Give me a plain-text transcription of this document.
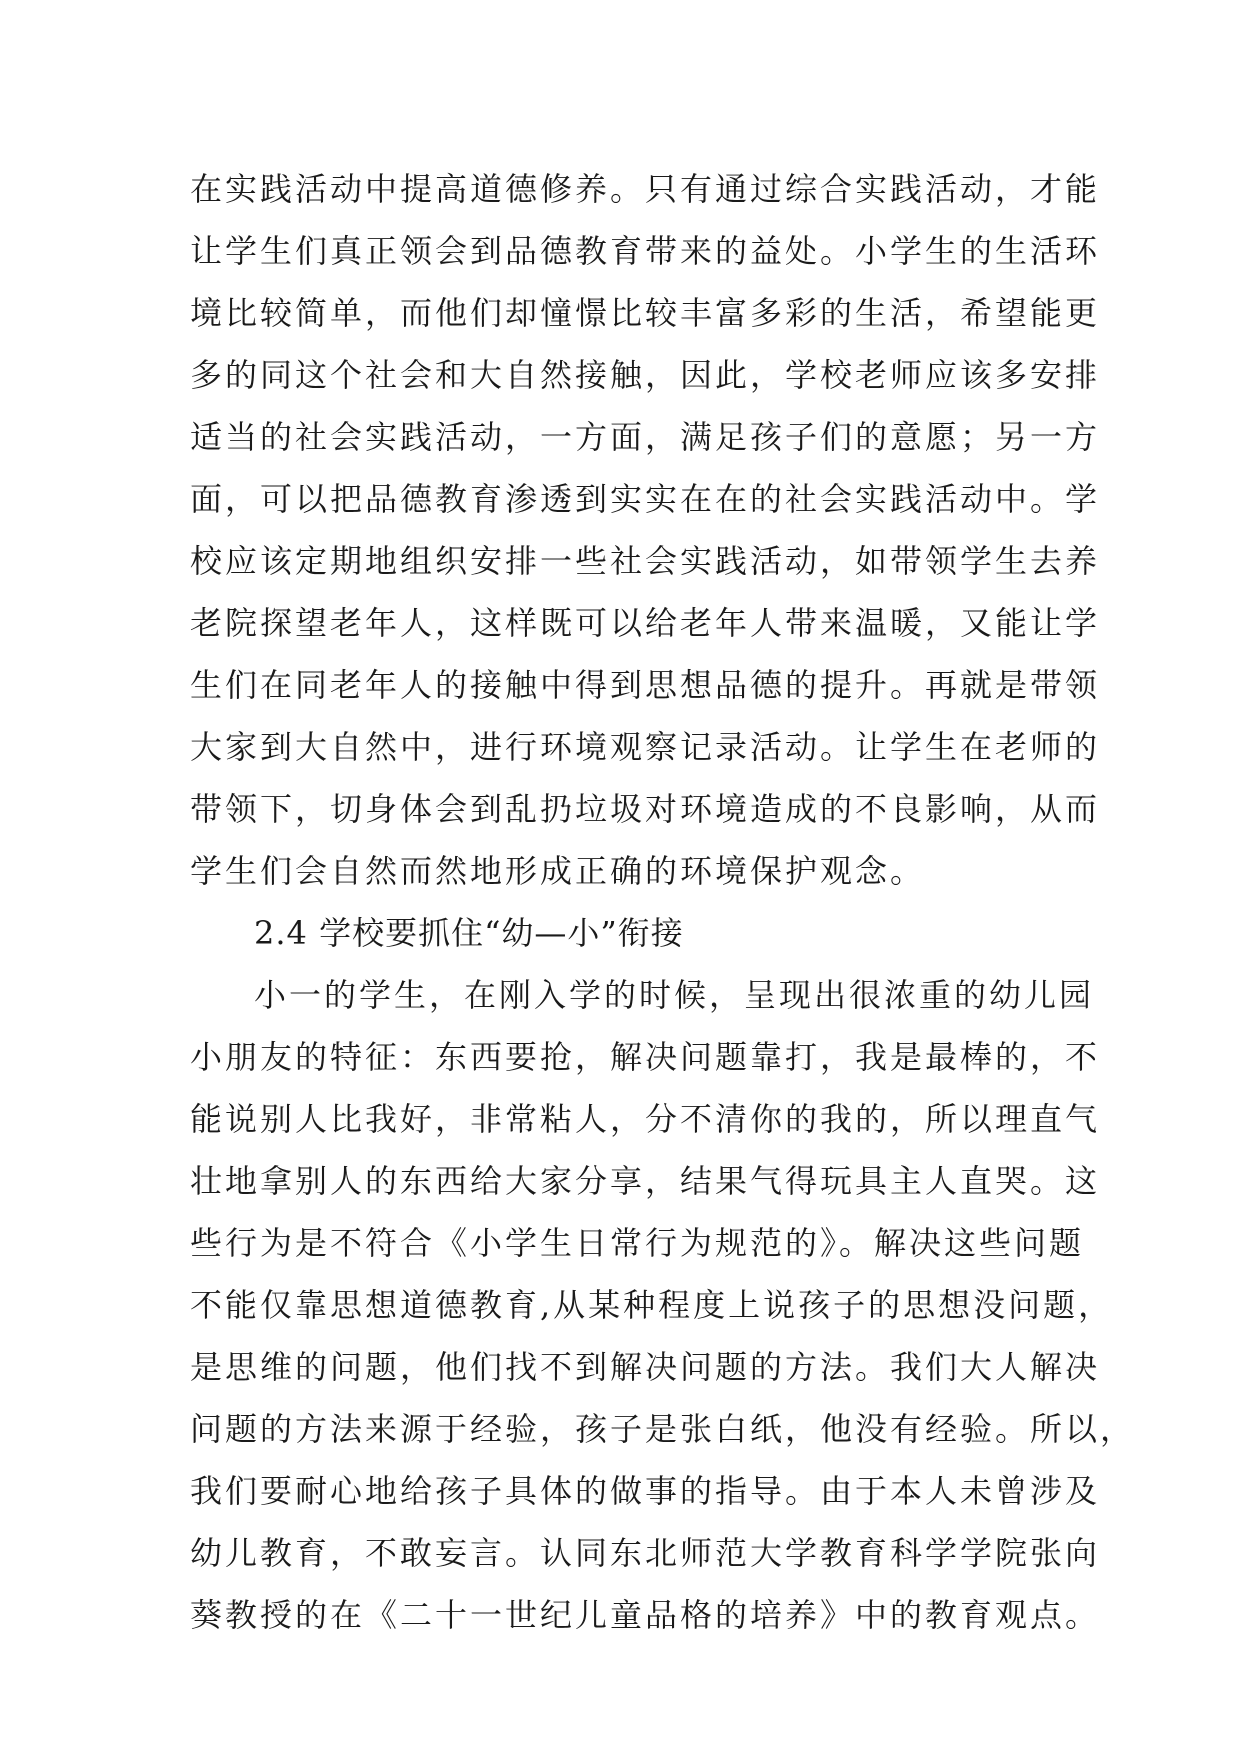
在实践活动中提高道德修养。只有通过综合实践活动，才能
让学生们真正领会到品德教育带来的益处。小学生的生活环
境比较简单，而他们却憧憬比较丰富多彩的生活，希望能更
多的同这个社会和大自然接触，因此，学校老师应该多安排
适当的社会实践活动，一方面，满足孩子们的意愿；另一方
面，可以把品德教育渗透到实实在在的社会实践活动中。学
校应该定期地组织安排一些社会实践活动，如带领学生去养
老院探望老年人，这样既可以给老年人带来温暖，又能让学
生们在同老年人的接触中得到思想品德的提升。再就是带领
大家到大自然中，进行环境观察记录活动。让学生在老师的
带领下，切身体会到乱扔垃圾对环境造成的不良影响，从而
学生们会自然而然地形成正确的环境保护观念。
2.4 学校要抓住“幼—小”衔接
小一的学生，在刚入学的时候，呈现出很浓重的幼儿园
小朋友的特征：东西要抢，解决问题靠打，我是最棒的，不
能说别人比我好，非常粘人，分不清你的我的，所以理直气
壮地拿别人的东西给大家分享，结果气得玩具主人直哭。这
些行为是不符合《小学生日常行为规范的》。解决这些问题
不能仅靠思想道德教育,从某种程度上说孩子的思想没问题，
是思维的问题，他们找不到解决问题的方法。我们大人解决
问题的方法来源于经验，孩子是张白纸，他没有经验。所以，
我们要耐心地给孩子具体的做事的指导。由于本人未曾涉及
幼儿教育，不敢妄言。认同东北师范大学教育科学学院张向
葵教授的在《二十一世纪儿童品格的培养》中的教育观点。
